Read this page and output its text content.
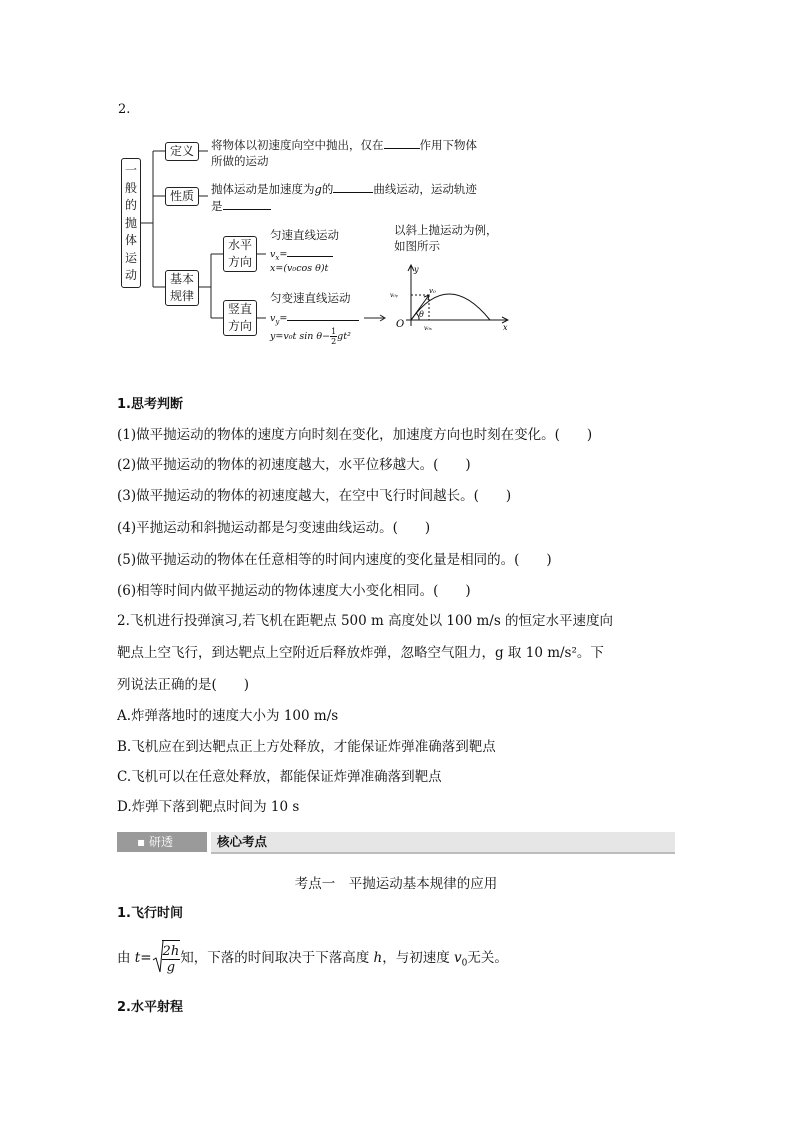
2.
一
般
的
抛
体
运
动
定义	将物体以初速度向空中抛出，仅在	作用下物体
所做的运动
性质	抛体运动是加速度为g的	曲线运动，运动轨迹
是
基本
规律
水平
方向
竖直
方向
匀速直线运动
$v_x=$
x=(v₀cos θ)t
匀变速直线运动
$v_y=$
y=v₀t $\sin \theta- \frac{1}{2} gt^2$
以斜上抛运动为例，
如图所示
y
x
O
v₀
v₀ᵧ
v₀ₓ
θ
1.思考判断
(1)做平抛运动的物体的速度方向时刻在变化，加速度方向也时刻在变化。(　　)
(2)做平抛运动的物体的初速度越大，水平位移越大。(　　)
(3)做平抛运动的物体的初速度越大，在空中飞行时间越长。(　　)
(4)平抛运动和斜抛运动都是匀变速曲线运动。(　　)
(5)做平抛运动的物体在任意相等的时间内速度的变化量是相同的。(　　)
(6)相等时间内做平抛运动的物体速度大小变化相同。(　　)
2.飞机进行投弹演习,若飞机在距靶点 500 m 高度处以 100 m/s 的恒定水平速度向
靶点上空飞行，到达靶点上空附近后释放炸弹，忽略空气阻力，g 取 10 m/s²。下
列说法正确的是(　　)
A.炸弹落地时的速度大小为 100 m/s
B.飞机应在到达靶点正上方处释放，才能保证炸弹准确落到靶点
C.飞机可以在任意处释放，都能保证炸弹准确落到靶点
D.炸弹下落到靶点时间为 10 s
▪ 研透	核心考点
考点一　平抛运动基本规律的应用
1.飞行时间
由 $t= \frac{2h}{g}$ 知，下落的时间取决于下落高度 h，与初速度 $v_0$无关。
2.水平射程
